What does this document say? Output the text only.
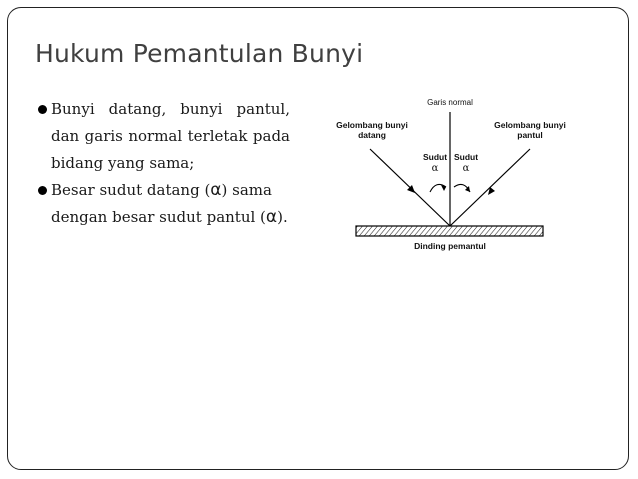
Hukum Pemantulan Bunyi
Bunyi datang, bunyi pantul, dan garis normal terletak pada bidang yang sama;
Besar sudut datang (α) sama dengan besar sudut pantul (α).
Garis normal
Gelombang bunyi
datang
Gelombang bunyi
pantul
Sudut
α
Sudut
α
Dinding pemantul
